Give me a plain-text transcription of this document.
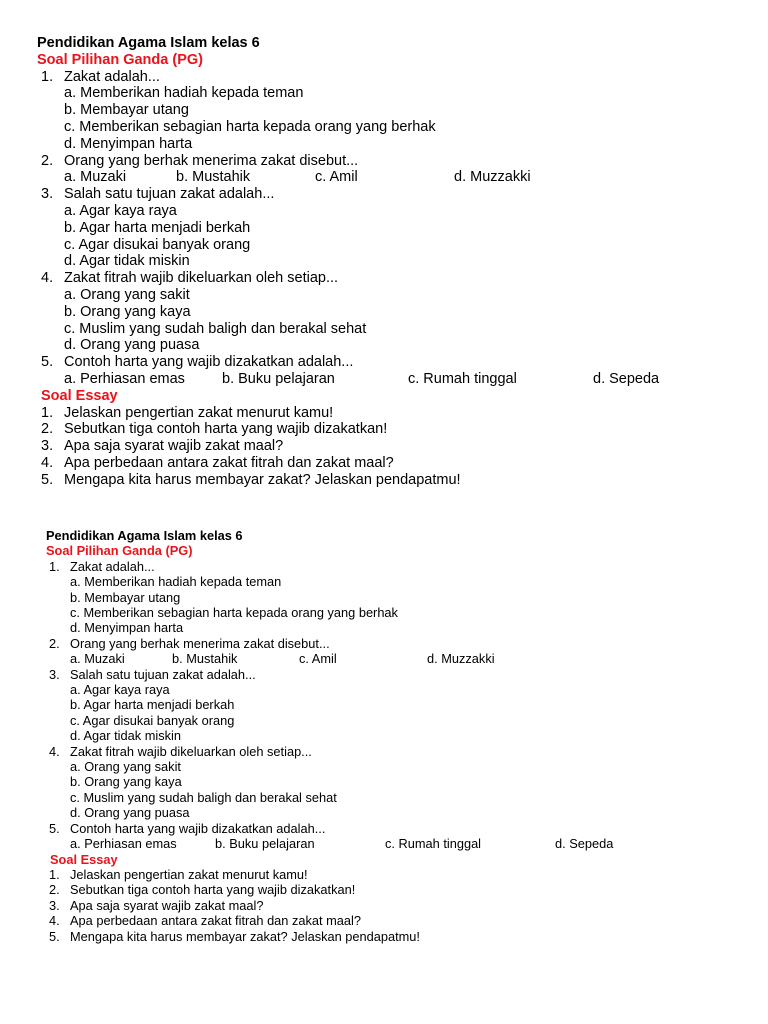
Pendidikan Agama Islam kelas 6

Soal Pilihan Ganda (PG)

1. Zakat adalah...
a. Memberikan hadiah kepada teman
b. Membayar utang
c. Memberikan sebagian harta kepada orang yang berhak
d. Menyimpan harta
2. Orang yang berhak menerima zakat disebut...
a. Muzaki	b. Mustahik	c. Amil	d. Muzzakki
3. Salah satu tujuan zakat adalah...
a. Agar kaya raya
b. Agar harta menjadi berkah
c. Agar disukai banyak orang
d. Agar tidak miskin
4. Zakat fitrah wajib dikeluarkan oleh setiap...
a. Orang yang sakit
b. Orang yang kaya
c. Muslim yang sudah baligh dan berakal sehat
d. Orang yang puasa
5. Contoh harta yang wajib dizakatkan adalah...
a. Perhiasan emas	b. Buku pelajaran	c. Rumah tinggal	d. Sepeda

Soal Essay

1. Jelaskan pengertian zakat menurut kamu!
2. Sebutkan tiga contoh harta yang wajib dizakatkan!
3. Apa saja syarat wajib zakat maal?
4. Apa perbedaan antara zakat fitrah dan zakat maal?
5. Mengapa kita harus membayar zakat? Jelaskan pendapatmu!

Pendidikan Agama Islam kelas 6

Soal Pilihan Ganda (PG)

1. Zakat adalah...
a. Memberikan hadiah kepada teman
b. Membayar utang
c. Memberikan sebagian harta kepada orang yang berhak
d. Menyimpan harta
2. Orang yang berhak menerima zakat disebut...
a. Muzaki	b. Mustahik	c. Amil	d. Muzzakki
3. Salah satu tujuan zakat adalah...
a. Agar kaya raya
b. Agar harta menjadi berkah
c. Agar disukai banyak orang
d. Agar tidak miskin
4. Zakat fitrah wajib dikeluarkan oleh setiap...
a. Orang yang sakit
b. Orang yang kaya
c. Muslim yang sudah baligh dan berakal sehat
d. Orang yang puasa
5. Contoh harta yang wajib dizakatkan adalah...
a. Perhiasan emas	b. Buku pelajaran	c. Rumah tinggal	d. Sepeda

Soal Essay

1. Jelaskan pengertian zakat menurut kamu!
2. Sebutkan tiga contoh harta yang wajib dizakatkan!
3. Apa saja syarat wajib zakat maal?
4. Apa perbedaan antara zakat fitrah dan zakat maal?
5. Mengapa kita harus membayar zakat? Jelaskan pendapatmu!
